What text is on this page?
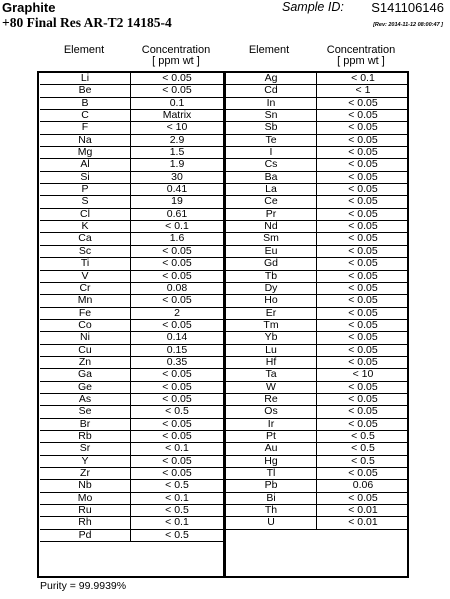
Graphite	Sample ID: S141106146
+80 Final Res AR-T2 14185-4	[Rev: 2014-11-12 08:00:47 ]
Element	Concentration
[ ppm wt ]
Element	Concentration
[ ppm wt ]
Li	< 0.05
Be	< 0.05
B	0.1
C	Matrix
F	< 10
Na	2.9
Mg	1.5
Al	1.9
Si	30
P	0.41
S	19
Cl	0.61
K	< 0.1
Ca	1.6
Sc	< 0.05
Ti	< 0.05
V	< 0.05
Cr	0.08
Mn	< 0.05
Fe	2
Co	< 0.05
Ni	0.14
Cu	0.15
Zn	0.35
Ga	< 0.05
Ge	< 0.05
As	< 0.05
Se	< 0.5
Br	< 0.05
Rb	< 0.05
Sr	< 0.1
Y	< 0.05
Zr	< 0.05
Nb	< 0.5
Mo	< 0.1
Ru	< 0.5
Rh	< 0.1
Pd	< 0.5
Ag	< 0.1
Cd	< 1
In	< 0.05
Sn	< 0.05
Sb	< 0.05
Te	< 0.05
I	< 0.05
Cs	< 0.05
Ba	< 0.05
La	< 0.05
Ce	< 0.05
Pr	< 0.05
Nd	< 0.05
Sm	< 0.05
Eu	< 0.05
Gd	< 0.05
Tb	< 0.05
Dy	< 0.05
Ho	< 0.05
Er	< 0.05
Tm	< 0.05
Yb	< 0.05
Lu	< 0.05
Hf	< 0.05
Ta	< 10
W	< 0.05
Re	< 0.05
Os	< 0.05
Ir	< 0.05
Pt	< 0.5
Au	< 0.5
Hg	< 0.5
Tl	< 0.05
Pb	0.06
Bi	< 0.05
Th	< 0.01
U	< 0.01
Purity = 99.9939%
